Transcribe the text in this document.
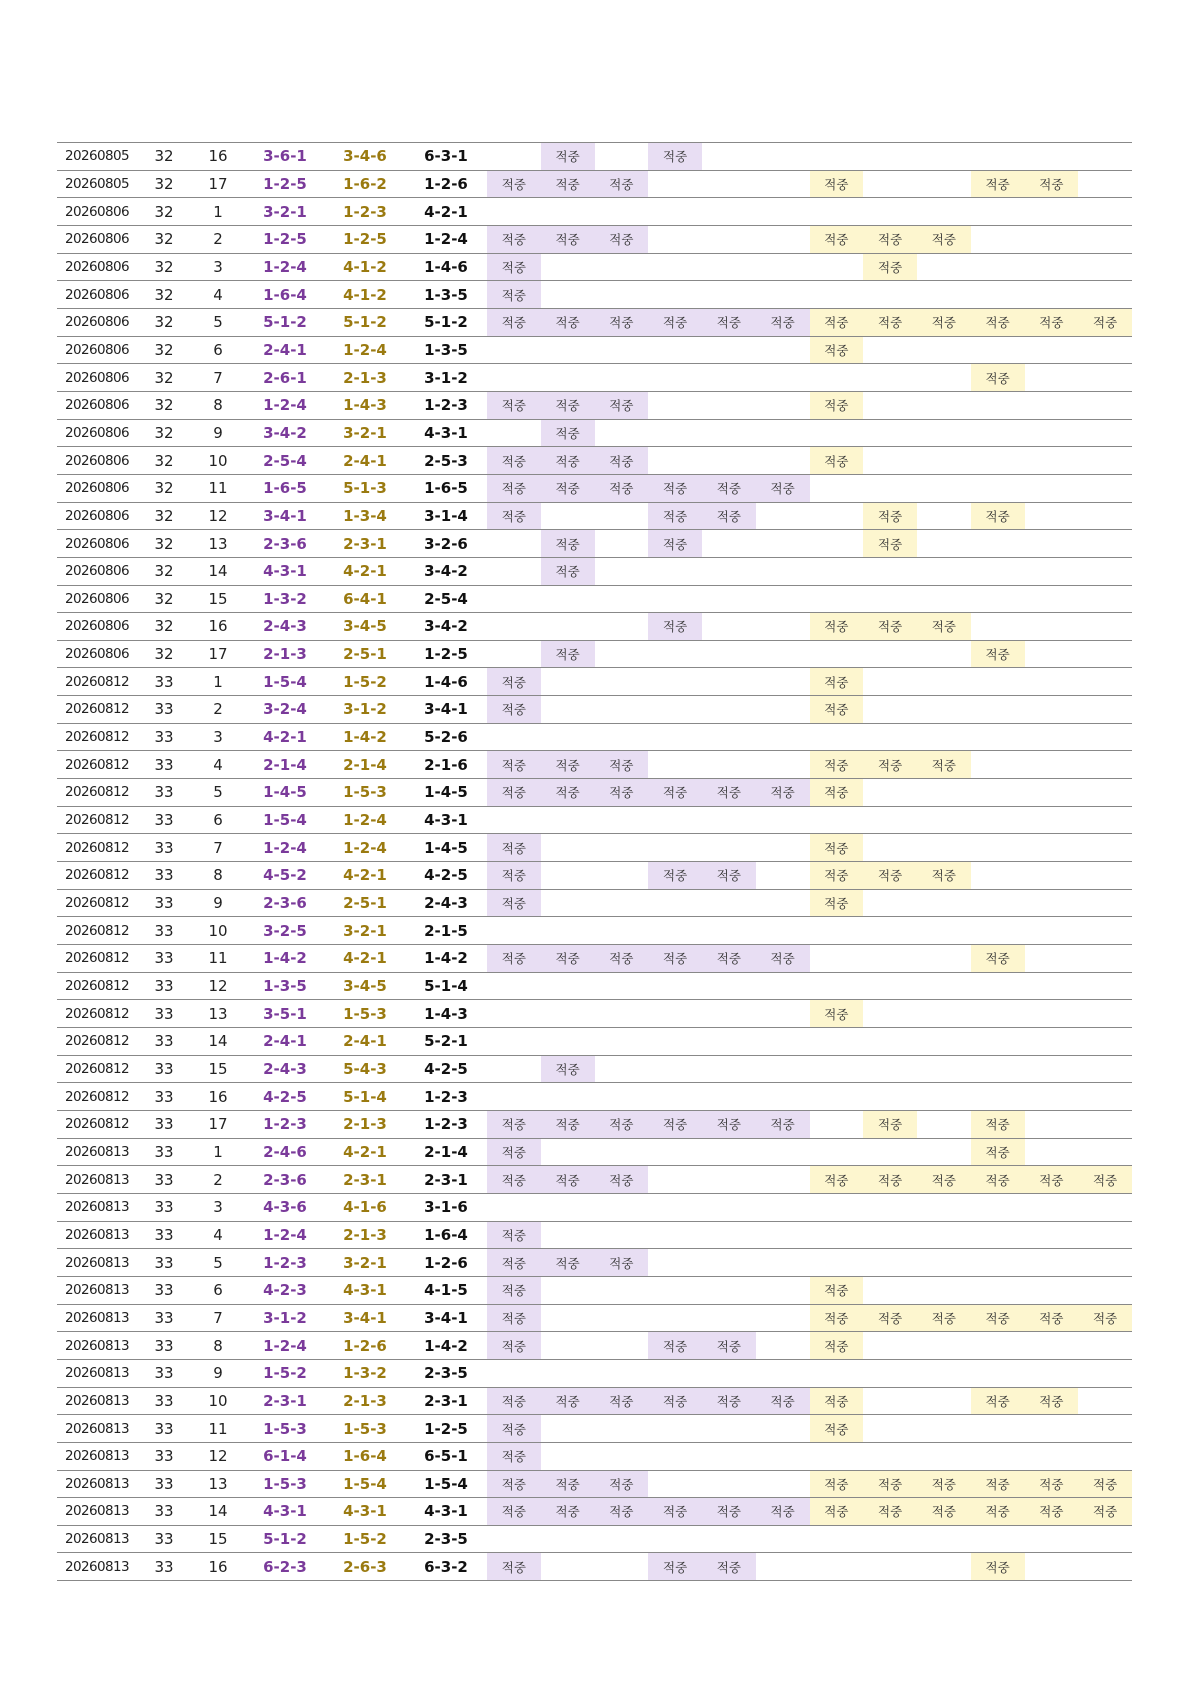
20260805	32	16	3-6-1	3-4-6	6-3-1		적중		적중								
20260805	32	17	1-2-5	1-6-2	1-2-6	적중	적중	적중				적중			적중	적중	
20260806	32	1	3-2-1	1-2-3	4-2-1												
20260806	32	2	1-2-5	1-2-5	1-2-4	적중	적중	적중				적중	적중	적중			
20260806	32	3	1-2-4	4-1-2	1-4-6	적중							적중				
20260806	32	4	1-6-4	4-1-2	1-3-5	적중											
20260806	32	5	5-1-2	5-1-2	5-1-2	적중	적중	적중	적중	적중	적중	적중	적중	적중	적중	적중	적중
20260806	32	6	2-4-1	1-2-4	1-3-5							적중					
20260806	32	7	2-6-1	2-1-3	3-1-2										적중		
20260806	32	8	1-2-4	1-4-3	1-2-3	적중	적중	적중				적중					
20260806	32	9	3-4-2	3-2-1	4-3-1		적중										
20260806	32	10	2-5-4	2-4-1	2-5-3	적중	적중	적중				적중					
20260806	32	11	1-6-5	5-1-3	1-6-5	적중	적중	적중	적중	적중	적중						
20260806	32	12	3-4-1	1-3-4	3-1-4	적중			적중	적중			적중		적중		
20260806	32	13	2-3-6	2-3-1	3-2-6		적중		적중				적중				
20260806	32	14	4-3-1	4-2-1	3-4-2		적중										
20260806	32	15	1-3-2	6-4-1	2-5-4												
20260806	32	16	2-4-3	3-4-5	3-4-2				적중			적중	적중	적중			
20260806	32	17	2-1-3	2-5-1	1-2-5		적중								적중		
20260812	33	1	1-5-4	1-5-2	1-4-6	적중						적중					
20260812	33	2	3-2-4	3-1-2	3-4-1	적중						적중					
20260812	33	3	4-2-1	1-4-2	5-2-6												
20260812	33	4	2-1-4	2-1-4	2-1-6	적중	적중	적중				적중	적중	적중			
20260812	33	5	1-4-5	1-5-3	1-4-5	적중	적중	적중	적중	적중	적중	적중					
20260812	33	6	1-5-4	1-2-4	4-3-1												
20260812	33	7	1-2-4	1-2-4	1-4-5	적중						적중					
20260812	33	8	4-5-2	4-2-1	4-2-5	적중			적중	적중		적중	적중	적중			
20260812	33	9	2-3-6	2-5-1	2-4-3	적중						적중					
20260812	33	10	3-2-5	3-2-1	2-1-5												
20260812	33	11	1-4-2	4-2-1	1-4-2	적중	적중	적중	적중	적중	적중				적중		
20260812	33	12	1-3-5	3-4-5	5-1-4												
20260812	33	13	3-5-1	1-5-3	1-4-3							적중					
20260812	33	14	2-4-1	2-4-1	5-2-1												
20260812	33	15	2-4-3	5-4-3	4-2-5		적중										
20260812	33	16	4-2-5	5-1-4	1-2-3												
20260812	33	17	1-2-3	2-1-3	1-2-3	적중	적중	적중	적중	적중	적중		적중		적중		
20260813	33	1	2-4-6	4-2-1	2-1-4	적중									적중		
20260813	33	2	2-3-6	2-3-1	2-3-1	적중	적중	적중				적중	적중	적중	적중	적중	적중
20260813	33	3	4-3-6	4-1-6	3-1-6												
20260813	33	4	1-2-4	2-1-3	1-6-4	적중											
20260813	33	5	1-2-3	3-2-1	1-2-6	적중	적중	적중									
20260813	33	6	4-2-3	4-3-1	4-1-5	적중						적중					
20260813	33	7	3-1-2	3-4-1	3-4-1	적중						적중	적중	적중	적중	적중	적중
20260813	33	8	1-2-4	1-2-6	1-4-2	적중			적중	적중		적중					
20260813	33	9	1-5-2	1-3-2	2-3-5												
20260813	33	10	2-3-1	2-1-3	2-3-1	적중	적중	적중	적중	적중	적중	적중			적중	적중	
20260813	33	11	1-5-3	1-5-3	1-2-5	적중						적중					
20260813	33	12	6-1-4	1-6-4	6-5-1	적중											
20260813	33	13	1-5-3	1-5-4	1-5-4	적중	적중	적중				적중	적중	적중	적중	적중	적중
20260813	33	14	4-3-1	4-3-1	4-3-1	적중	적중	적중	적중	적중	적중	적중	적중	적중	적중	적중	적중
20260813	33	15	5-1-2	1-5-2	2-3-5												
20260813	33	16	6-2-3	2-6-3	6-3-2	적중			적중	적중					적중		
